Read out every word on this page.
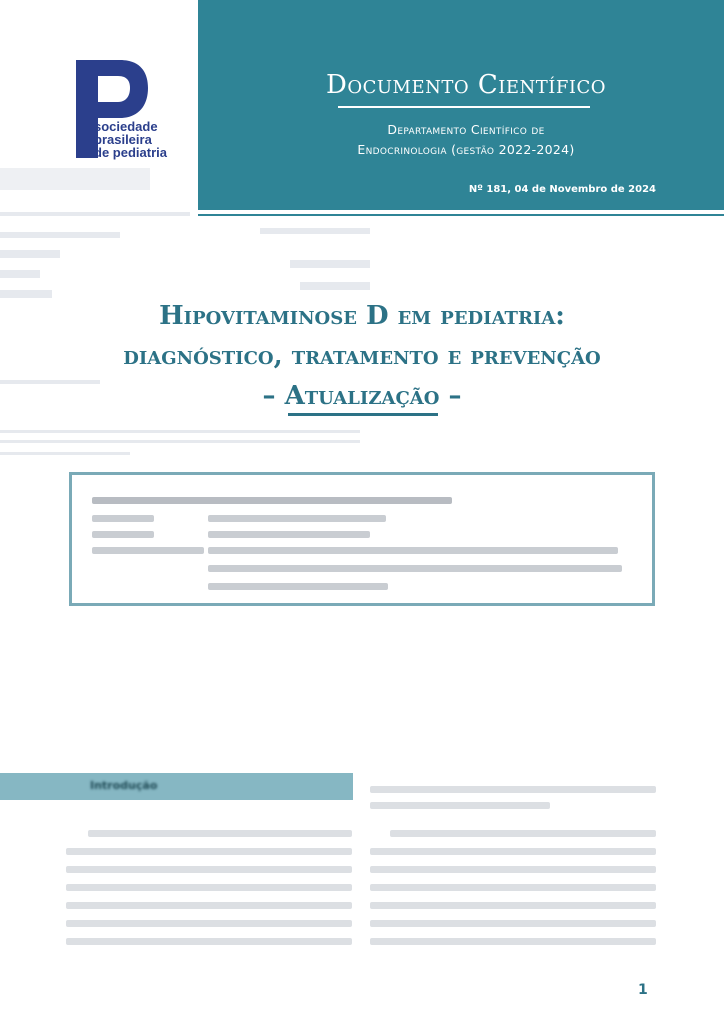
sociedade
brasileira
de pediatria
Documento Científico
Departamento Científico de
Endocrinologia (gestão 2022-2024)
Nº 181, 04 de Novembro de 2024
Hipovitaminose D em pediatria:
diagnóstico, tratamento e prevenção
– Atualização –
Introdução
1
